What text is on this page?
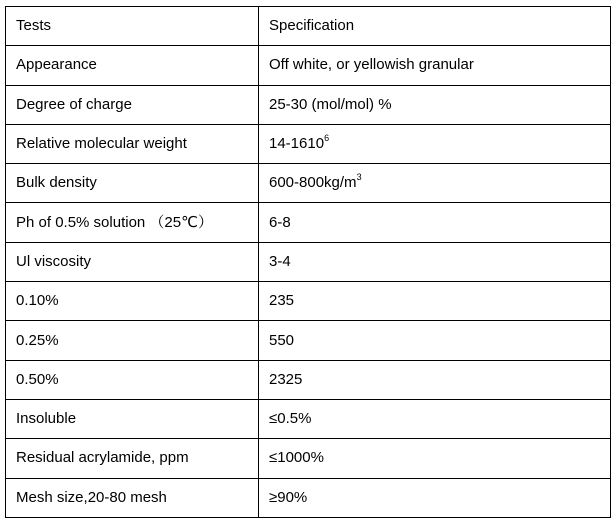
Tests	Specification
Appearance	Off white, or yellowish granular
Degree of charge	25-30 (mol/mol) %
Relative molecular weight	14-1610$^6$
Bulk density	$600-800kg/m^3$
Ph of 0.5% solution （25℃）	6-8
Ul viscosity	3-4
0.10%	235
0.25%	550
0.50%	2325
Insoluble	≤0.5%
Residual acrylamide, ppm	≤1000%
Mesh size,20-80 mesh	≥90%
